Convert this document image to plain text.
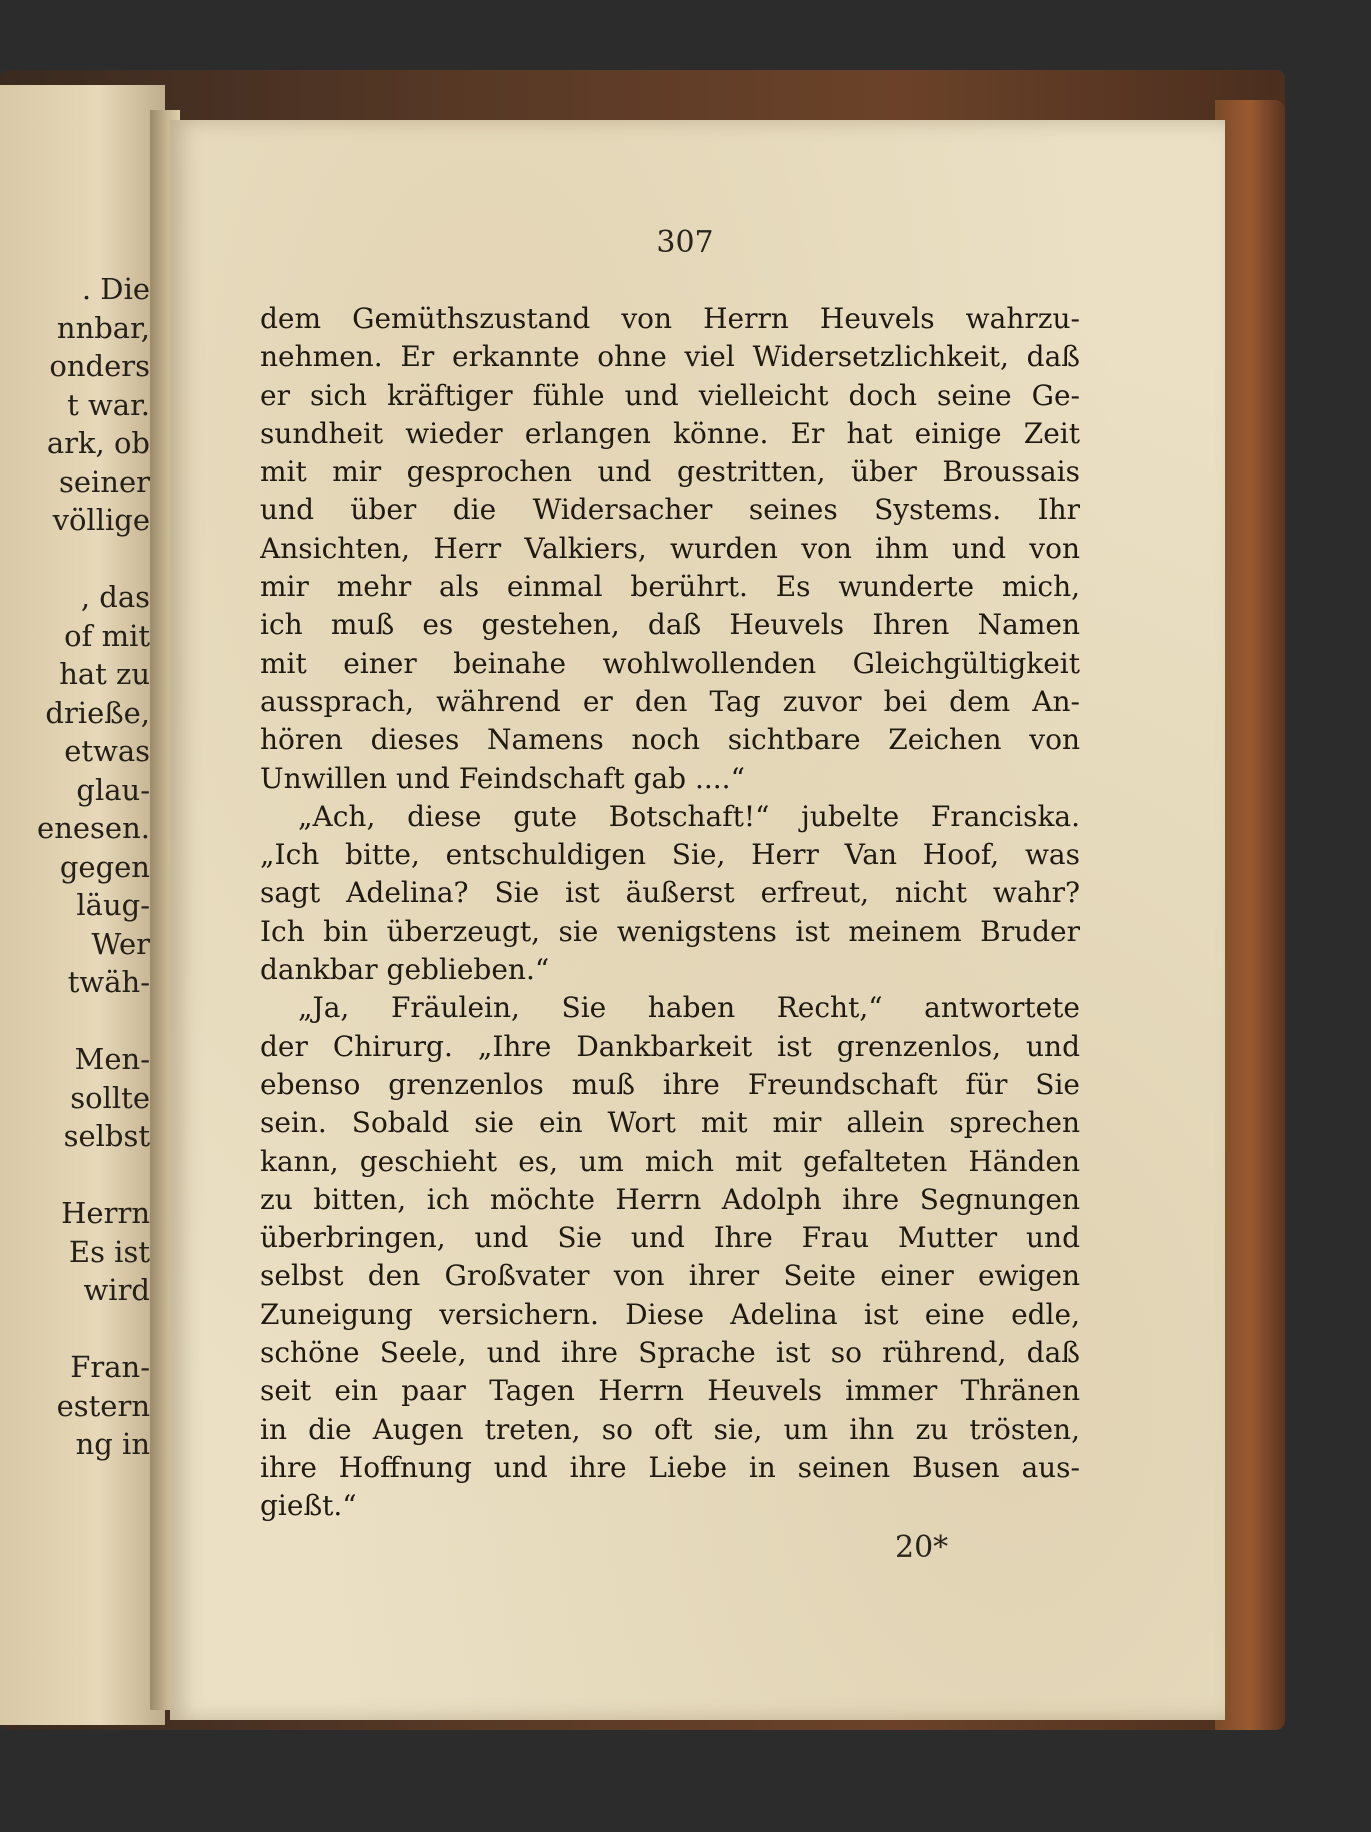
. Die
nnbar,
onders
t war.
ark, ob
seiner
völlige
, das
of mit
hat zu
drieße,
etwas
glau-
enesen.
gegen
läug-
Wer
twäh-
Men-
sollte
selbst
Herrn
Es ist
wird
Fran-
estern
ng in
307
dem Gemüthszustand von Herrn Heuvels wahrzu-
nehmen. Er erkannte ohne viel Widersetzlichkeit, daß
er sich kräftiger fühle und vielleicht doch seine Ge-
sundheit wieder erlangen könne. Er hat einige Zeit
mit mir gesprochen und gestritten, über Broussais
und über die Widersacher seines Systems. Ihr
Ansichten, Herr Valkiers, wurden von ihm und von
mir mehr als einmal berührt. Es wunderte mich,
ich muß es gestehen, daß Heuvels Ihren Namen
mit einer beinahe wohlwollenden Gleichgültigkeit
aussprach, während er den Tag zuvor bei dem An-
hören dieses Namens noch sichtbare Zeichen von
Unwillen und Feindschaft gab ....“
„Ach, diese gute Botschaft!“ jubelte Franciska.
„Ich bitte, entschuldigen Sie, Herr Van Hoof, was
sagt Adelina? Sie ist äußerst erfreut, nicht wahr?
Ich bin überzeugt, sie wenigstens ist meinem Bruder
dankbar geblieben.“
„Ja, Fräulein, Sie haben Recht,“ antwortete
der Chirurg. „Ihre Dankbarkeit ist grenzenlos, und
ebenso grenzenlos muß ihre Freundschaft für Sie
sein. Sobald sie ein Wort mit mir allein sprechen
kann, geschieht es, um mich mit gefalteten Händen
zu bitten, ich möchte Herrn Adolph ihre Segnungen
überbringen, und Sie und Ihre Frau Mutter und
selbst den Großvater von ihrer Seite einer ewigen
Zuneigung versichern. Diese Adelina ist eine edle,
schöne Seele, und ihre Sprache ist so rührend, daß
seit ein paar Tagen Herrn Heuvels immer Thränen
in die Augen treten, so oft sie, um ihn zu trösten,
ihre Hoffnung und ihre Liebe in seinen Busen aus-
gießt.“
20*
